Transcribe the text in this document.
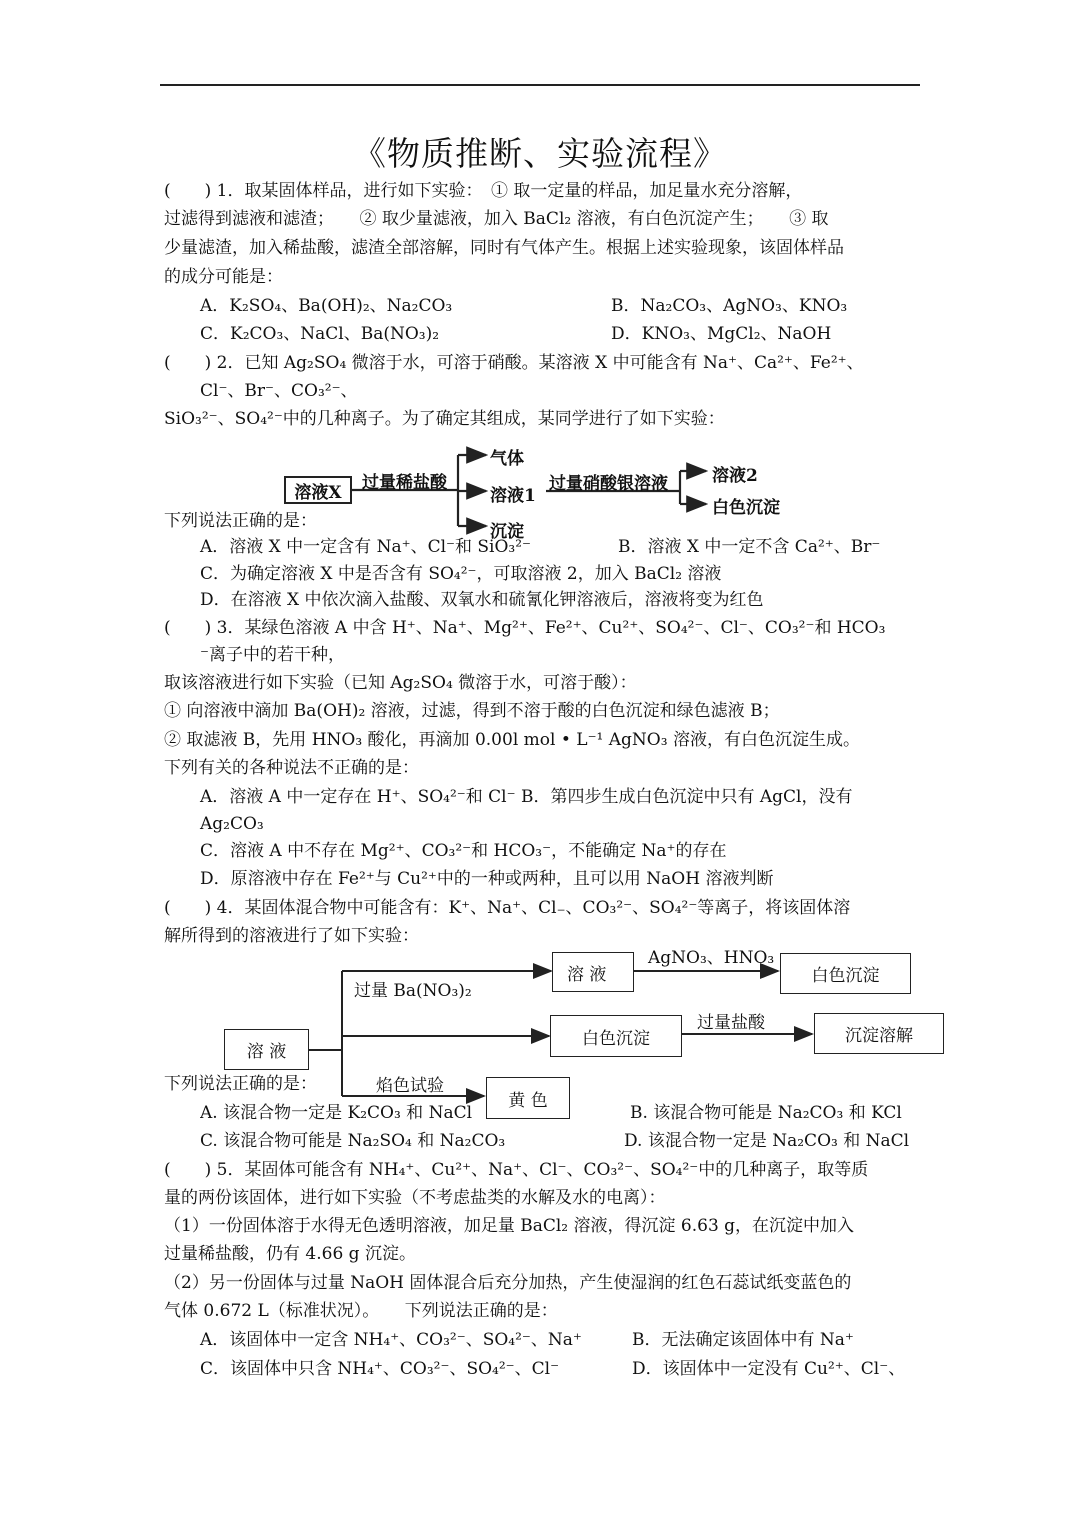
《物质推断、实验流程》
(　　) 1．取某固体样品，进行如下实验：　① 取一定量的样品，加足量水充分溶解，
过滤得到滤液和滤渣；　　② 取少量滤液，加入 BaCl₂ 溶液，有白色沉淀产生；　　③ 取
少量滤渣，加入稀盐酸，滤渣全部溶解，同时有气体产生。根据上述实验现象，该固体样品
的成分可能是：
A．K₂SO₄、Ba(OH)₂、Na₂CO₃	B．Na₂CO₃、AgNO₃、KNO₃
C．K₂CO₃、NaCl、Ba(NO₃)₂	D．KNO₃、MgCl₂、NaOH
(　　) 2．已知 Ag₂SO₄ 微溶于水，可溶于硝酸。某溶液 X 中可能含有 Na⁺、Ca²⁺、Fe²⁺、
Cl⁻、Br⁻、CO₃²⁻、
SiO₃²⁻、SO₄²⁻中的几种离子。为了确定其组成，某同学进行了如下实验：
溶液X	过量稀盐酸
气体
溶液1
沉淀
过量硝酸银溶液	溶液2
白色沉淀
下列说法正确的是：
A．溶液 X 中一定含有 Na⁺、Cl⁻和 SiO₃²⁻	B．溶液 X 中一定不含 Ca²⁺、Br⁻
C．为确定溶液 X 中是否含有 SO₄²⁻，可取溶液 2，加入 BaCl₂ 溶液
D．在溶液 X 中依次滴入盐酸、双氧水和硫氰化钾溶液后，溶液将变为红色
(　　) 3．某绿色溶液 A 中含 H⁺、Na⁺、Mg²⁺、Fe²⁺、Cu²⁺、SO₄²⁻、Cl⁻、CO₃²⁻和 HCO₃
⁻离子中的若干种，
取该溶液进行如下实验（已知 Ag₂SO₄ 微溶于水，可溶于酸）：
① 向溶液中滴加 Ba(OH)₂ 溶液，过滤，得到不溶于酸的白色沉淀和绿色滤液 B；
② 取滤液 B，先用 HNO₃ 酸化，再滴加 0.00l mol • L⁻¹ AgNO₃ 溶液，有白色沉淀生成。
下列有关的各种说法不正确的是：
A．溶液 A 中一定存在 H⁺、SO₄²⁻和 Cl⁻ B．第四步生成白色沉淀中只有 AgCl，没有
Ag₂CO₃
C．溶液 A 中不存在 Mg²⁺、CO₃²⁻和 HCO₃⁻，不能确定 Na⁺的存在
D．原溶液中存在 Fe²⁺与 Cu²⁺中的一种或两种，且可以用 NaOH 溶液判断
(　　) 4．某固体混合物中可能含有：K⁺、Na⁺、Cl₋、CO₃²⁻、SO₄²⁻等离子，将该固体溶
解所得到的溶液进行了如下实验：
溶 液
过量 Ba(NO₃)₂
溶 液
AgNO₃、HNO₃
白色沉淀
白色沉淀
过量盐酸
沉淀溶解
焰色试验
黄 色
下列说法正确的是：
A. 该混合物一定是 K₂CO₃ 和 NaCl	B. 该混合物可能是 Na₂CO₃ 和 KCl
C. 该混合物可能是 Na₂SO₄ 和 Na₂CO₃	D. 该混合物一定是 Na₂CO₃ 和 NaCl
(　　) 5．某固体可能含有 NH₄⁺、Cu²⁺、Na⁺、Cl⁻、CO₃²⁻、SO₄²⁻中的几种离子，取等质
量的两份该固体，进行如下实验（不考虑盐类的水解及水的电离）：
（1）一份固体溶于水得无色透明溶液，加足量 BaCl₂ 溶液，得沉淀 6.63 g，在沉淀中加入
过量稀盐酸，仍有 4.66 g 沉淀。
（2）另一份固体与过量 NaOH 固体混合后充分加热，产生使湿润的红色石蕊试纸变蓝色的
气体 0.672 L（标准状况）。　　下列说法正确的是：
A．该固体中一定含 NH₄⁺、CO₃²⁻、SO₄²⁻、Na⁺	B．无法确定该固体中有 Na⁺
C．该固体中只含 NH₄⁺、CO₃²⁻、SO₄²⁻、Cl⁻	D．该固体中一定没有 Cu²⁺、Cl⁻、
